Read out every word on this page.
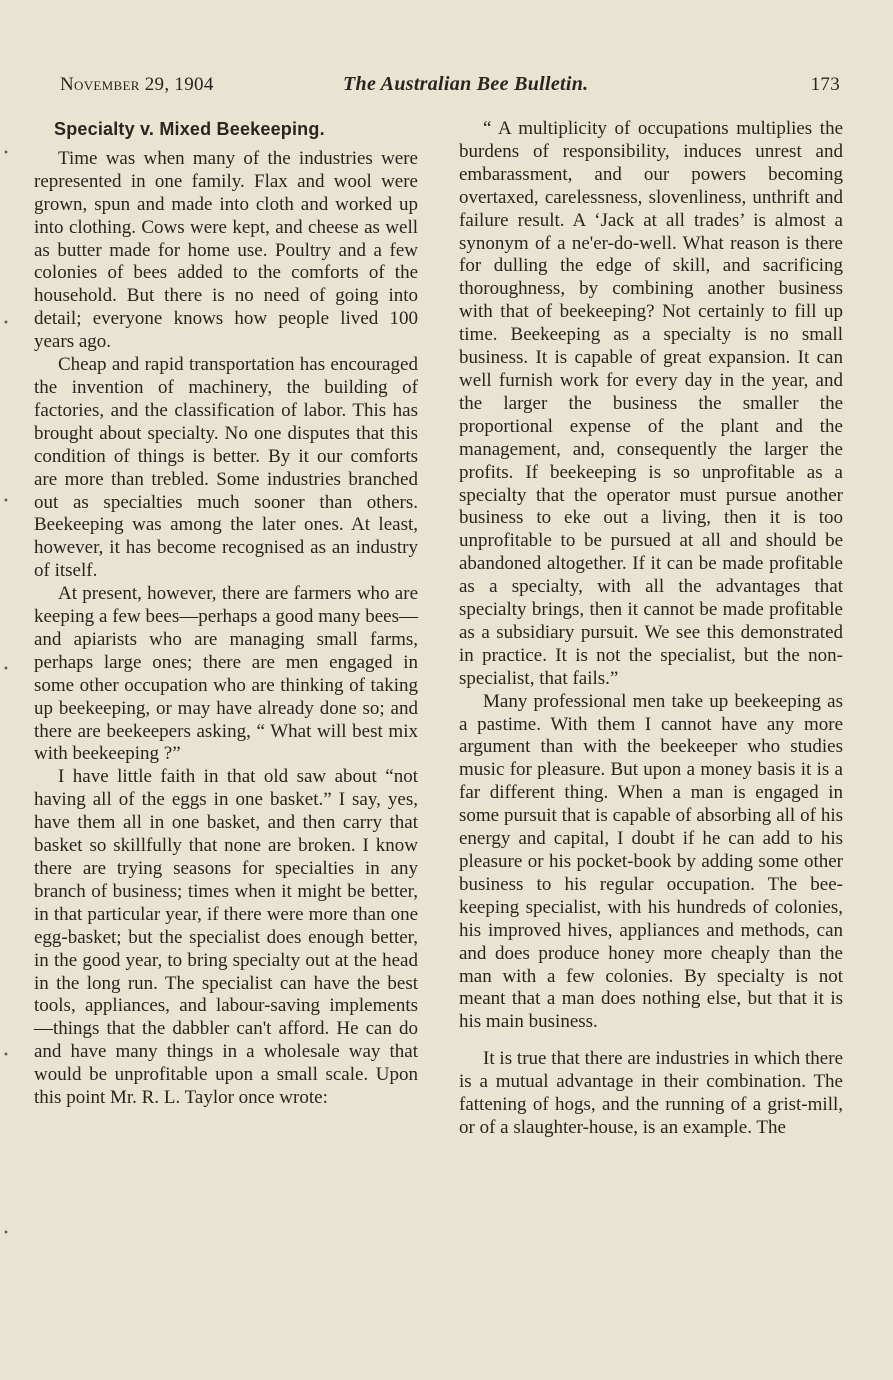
November 29, 1904	The Australian Bee Bulletin.	173
•
•
•
•
•
•
Specialty v. Mixed Beekeeping.

Time was when many of the industries were represented in one family. Flax and wool were grown, spun and made into cloth and worked up into clothing. Cows were kept, and cheese as well as butter made for home use. Poultry and a few colonies of bees added to the comforts of the household. But there is no need of going into detail; everyone knows how people lived 100 years ago.

Cheap and rapid transportation has encouraged the invention of machinery, the building of factories, and the classification of labor. This has brought about specialty. No one disputes that this condition of things is better. By it our comforts are more than trebled. Some industries branched out as specialties much sooner than others. Beekeeping was among the later ones. At least, however, it has become recognised as an industry of itself.

At present, however, there are farmers who are keeping a few bees—perhaps a good many bees—and apiarists who are managing small farms, perhaps large ones; there are men engaged in some other occupation who are thinking of taking up beekeeping, or may have already done so; and there are beekeepers asking, “ What will best mix with beekeeping ?”

I have little faith in that old saw about “not having all of the eggs in one basket.” I say, yes, have them all in one basket, and then carry that basket so skillfully that none are broken. I know there are trying seasons for specialties in any branch of business; times when it might be better, in that particular year, if there were more than one egg-basket; but the specialist does enough better, in the good year, to bring specialty out at the head in the long run. The specialist can have the best tools, appliances, and labour-saving implements—things that the dabbler can't afford. He can do and have many things in a wholesale way that would be unprofitable upon a small scale. Upon this point Mr. R. L. Taylor once wrote:

“ A multiplicity of occupations multiplies the burdens of responsibility, induces unrest and embarassment, and our powers becoming overtaxed, carelessness, slovenliness, unthrift and failure result. A ‘Jack at all trades’ is almost a synonym of a ne'er-do-well. What reason is there for dulling the edge of skill, and sacrificing thoroughness, by combining another business with that of beekeeping? Not certainly to fill up time. Beekeeping as a specialty is no small business. It is capable of great expansion. It can well furnish work for every day in the year, and the larger the business the smaller the proportional expense of the plant and the management, and, consequently the larger the profits. If beekeeping is so unprofitable as a specialty that the operator must pursue another business to eke out a living, then it is too unprofitable to be pursued at all and should be abandoned altogether. If it can be made profitable as a specialty, with all the advantages that specialty brings, then it cannot be made profitable as a subsidiary pursuit. We see this demonstrated in practice. It is not the specialist, but the non-specialist, that fails.”

Many professional men take up beekeeping as a pastime. With them I cannot have any more argument than with the beekeeper who studies music for pleasure. But upon a money basis it is a far different thing. When a man is engaged in some pursuit that is capable of absorbing all of his energy and capital, I doubt if he can add to his pleasure or his pocket-book by adding some other business to his regular occupation. The bee-keeping specialist, with his hundreds of colonies, his improved hives, appliances and methods, can and does produce honey more cheaply than the man with a few colonies. By specialty is not meant that a man does nothing else, but that it is his main business.

It is true that there are industries in which there is a mutual advantage in their combination. The fattening of hogs, and the running of a grist-mill, or of a slaughter-house, is an example. The
